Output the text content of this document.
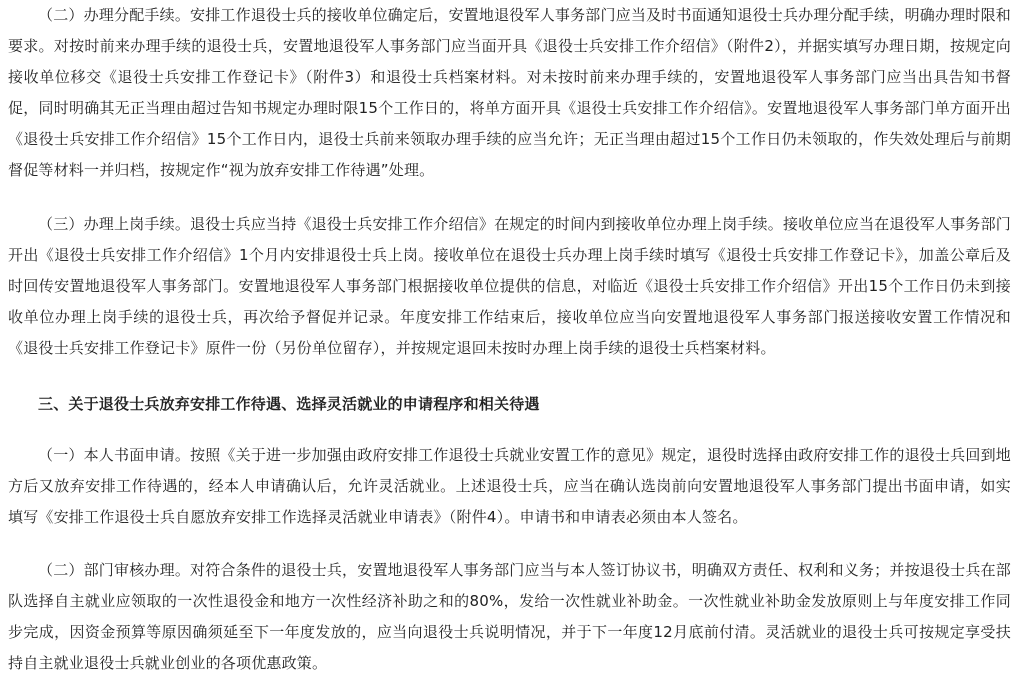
（二）办理分配手续。安排工作退役士兵的接收单位确定后，安置地退役军人事务部门应当及时书面通知退役士兵办理分配手续，明确办理时限和要求。对按时前来办理手续的退役士兵，安置地退役军人事务部门应当面开具《退役士兵安排工作介绍信》（附件2），并据实填写办理日期，按规定向接收单位移交《退役士兵安排工作登记卡》（附件3）和退役士兵档案材料。对未按时前来办理手续的，安置地退役军人事务部门应当出具告知书督促，同时明确其无正当理由超过告知书规定办理时限15个工作日的，将单方面开具《退役士兵安排工作介绍信》。安置地退役军人事务部门单方面开出《退役士兵安排工作介绍信》15个工作日内，退役士兵前来领取办理手续的应当允许；无正当理由超过15个工作日仍未领取的，作失效处理后与前期督促等材料一并归档，按规定作“视为放弃安排工作待遇”处理。

（三）办理上岗手续。退役士兵应当持《退役士兵安排工作介绍信》在规定的时间内到接收单位办理上岗手续。接收单位应当在退役军人事务部门开出《退役士兵安排工作介绍信》1个月内安排退役士兵上岗。接收单位在退役士兵办理上岗手续时填写《退役士兵安排工作登记卡》，加盖公章后及时回传安置地退役军人事务部门。安置地退役军人事务部门根据接收单位提供的信息，对临近《退役士兵安排工作介绍信》开出15个工作日仍未到接收单位办理上岗手续的退役士兵，再次给予督促并记录。年度安排工作结束后，接收单位应当向安置地退役军人事务部门报送接收安置工作情况和《退役士兵安排工作登记卡》原件一份（另份单位留存），并按规定退回未按时办理上岗手续的退役士兵档案材料。

三、关于退役士兵放弃安排工作待遇、选择灵活就业的申请程序和相关待遇

（一）本人书面申请。按照《关于进一步加强由政府安排工作退役士兵就业安置工作的意见》规定，退役时选择由政府安排工作的退役士兵回到地方后又放弃安排工作待遇的，经本人申请确认后，允许灵活就业。上述退役士兵，应当在确认选岗前向安置地退役军人事务部门提出书面申请，如实填写《安排工作退役士兵自愿放弃安排工作选择灵活就业申请表》（附件4）。申请书和申请表必须由本人签名。

（二）部门审核办理。对符合条件的退役士兵，安置地退役军人事务部门应当与本人签订协议书，明确双方责任、权利和义务；并按退役士兵在部队选择自主就业应领取的一次性退役金和地方一次性经济补助之和的80%，发给一次性就业补助金。一次性就业补助金发放原则上与年度安排工作同步完成，因资金预算等原因确须延至下一年度发放的，应当向退役士兵说明情况，并于下一年度12月底前付清。灵活就业的退役士兵可按规定享受扶持自主就业退役士兵就业创业的各项优惠政策。
